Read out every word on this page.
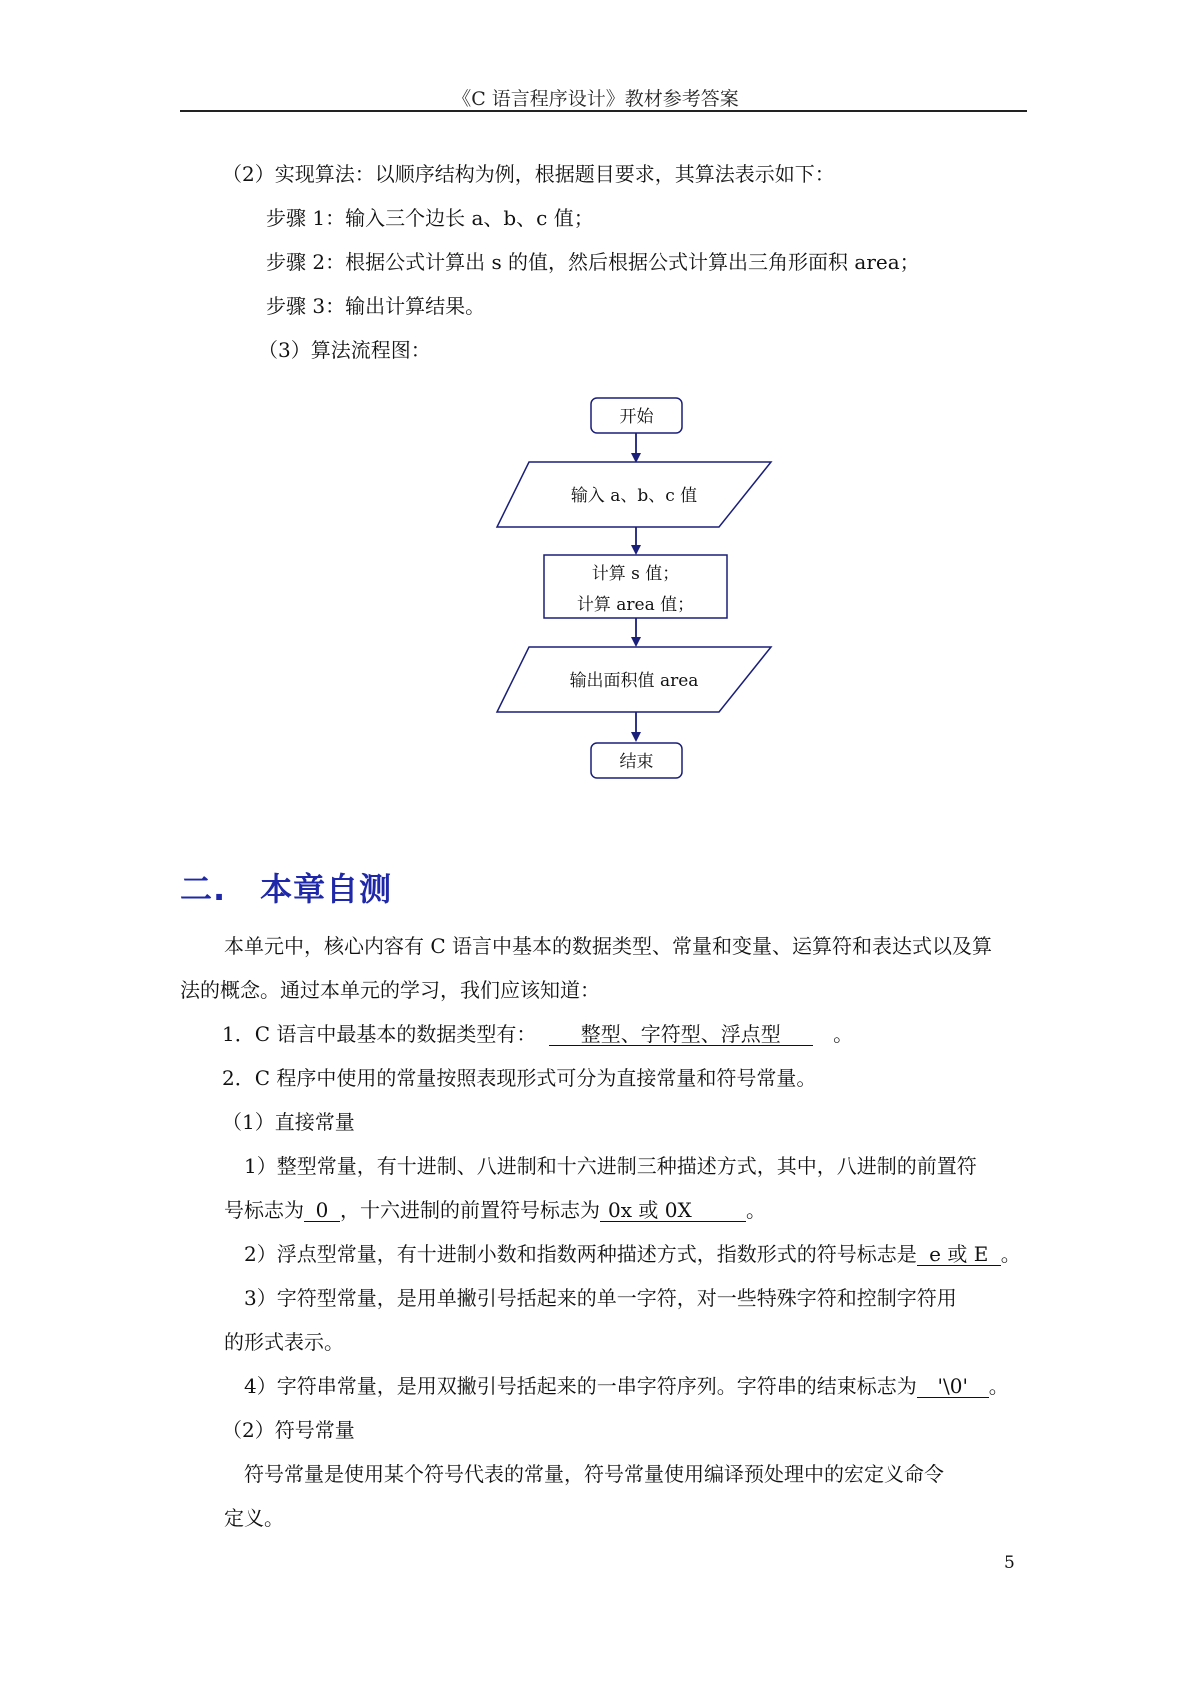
《C 语言程序设计》教材参考答案
（2）实现算法：以顺序结构为例，根据题目要求，其算法表示如下：
步骤 1：输入三个边长 a、b、c 值；
步骤 2：根据公式计算出 s 的值，然后根据公式计算出三角形面积 area；
步骤 3：输出计算结果。
（3）算法流程图：
开始
输入 a、b、c 值
计算 s 值；
计算 area 值；
输出面积值 area
结束
二. 本章自测
本单元中，核心内容有 C 语言中基本的数据类型、常量和变量、运算符和表达式以及算
法的概念。通过本单元的学习，我们应该知道：
1．C 语言中最基本的数据类型有： 整型、字符型、浮点型	。
2．C 程序中使用的常量按照表现形式可分为直接常量和符号常量。
（1）直接常量
1）整型常量，有十进制、八进制和十六进制三种描述方式，其中，八进制的前置符
号标志为 0 ，十六进制的前置符号标志为 0x 或 0X	。
2）浮点型常量，有十进制小数和指数两种描述方式，指数形式的符号标志是 e 或 E 。
3）字符型常量，是用单撇引号括起来的单一字符，对一些特殊字符和控制字符用
的形式表示。
4）字符串常量，是用双撇引号括起来的一串字符序列。字符串的结束标志为 '\0' 。
（2）符号常量
符号常量是使用某个符号代表的常量，符号常量使用编译预处理中的宏定义命令
定义。
5
